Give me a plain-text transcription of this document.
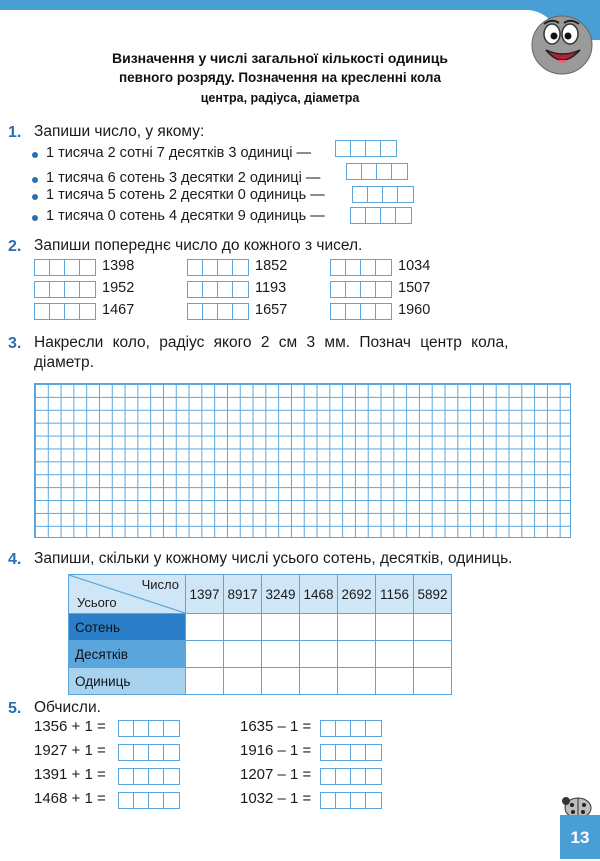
Визначення у числі загальної кількості одиниць
певного розряду. Позначення на кресленні кола
центра, радіуса, діаметра
1. Запиши число, у якому:
1 тисяча 2 сотні 7 десятків 3 одиниці —
1 тисяча 6 сотень 3 десятки 2 одиниці —
1 тисяча 5 сотень 2 десятки 0 одиниць —
1 тисяча 0 сотень 4 десятки 9 одиниць —
2. Запиши попереднє число до кожного з чисел.
1398	1852	1034
1952	1193	1507
1467	1657	1960
3. Накресли коло, радіус якого 2 см 3 мм. Познач центр кола,
діаметр.
4. Запиши, скільки у кожному числі усього сотень, десятків, одиниць.
Число
Усього	1397	8917	3249	1468	2692	1156	5892
Сотень							
Десятків							
Одиниць							
5. Обчисли.
1356 + 1 =
1927 + 1 =
1391 + 1 =
1468 + 1 =
1635 – 1 =
1916 – 1 =
1207 – 1 =
1032 – 1 =
13
